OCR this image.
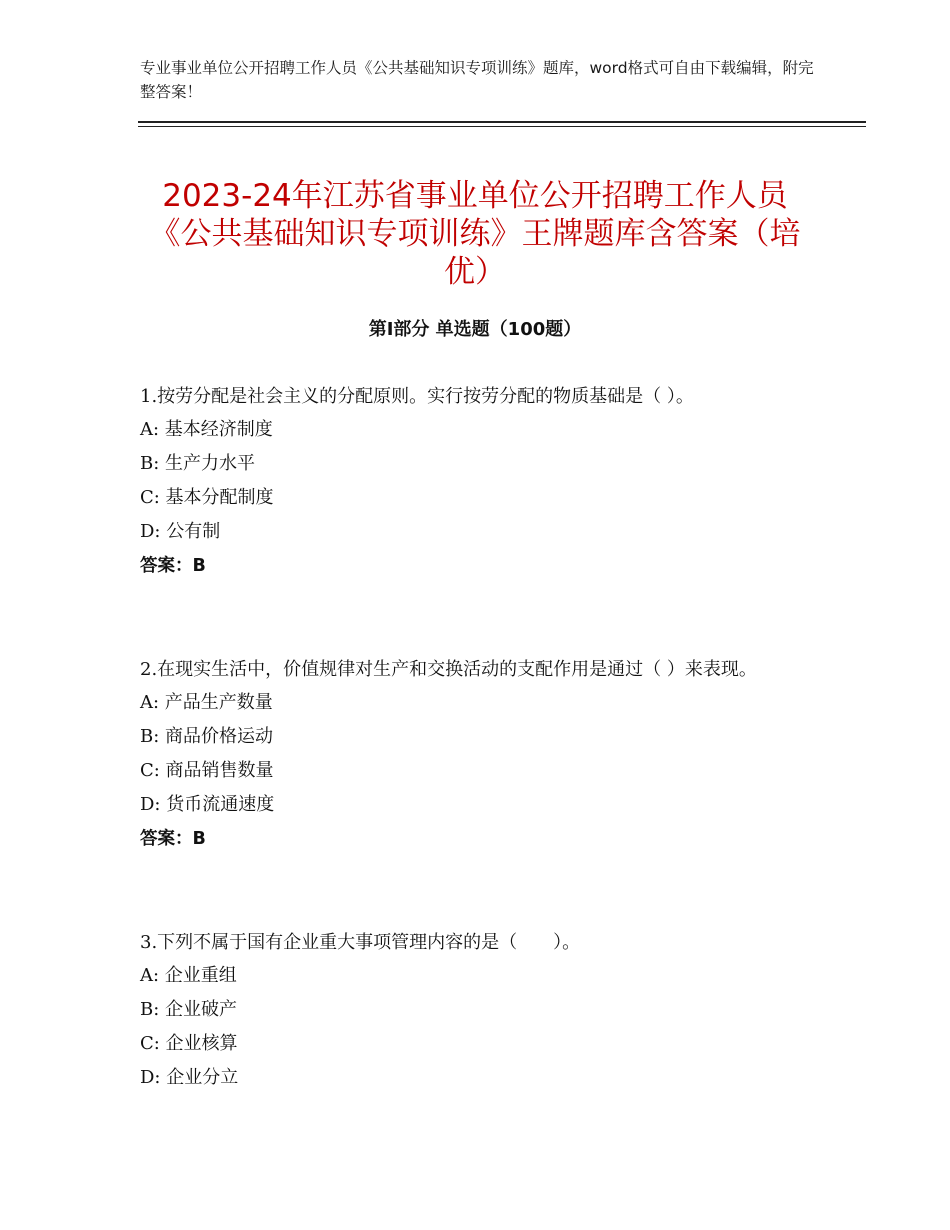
专业事业单位公开招聘工作人员《公共基础知识专项训练》题库，word格式可自由下载编辑，附完整答案！
2023-24年江苏省事业单位公开招聘工作人员《公共基础知识专项训练》王牌题库含答案（培优）
第Ⅰ部分 单选题（100题）

1.按劳分配是社会主义的分配原则。实行按劳分配的物质基础是（ ）。

A: 基本经济制度

B: 生产力水平

C: 基本分配制度

D: 公有制

答案：B

2.在现实生活中，价值规律对生产和交换活动的支配作用是通过（ ）来表现。

A: 产品生产数量

B: 商品价格运动

C: 商品销售数量

D: 货币流通速度

答案：B

3.下列不属于国有企业重大事项管理内容的是（　　）。

A: 企业重组

B: 企业破产

C: 企业核算

D: 企业分立
